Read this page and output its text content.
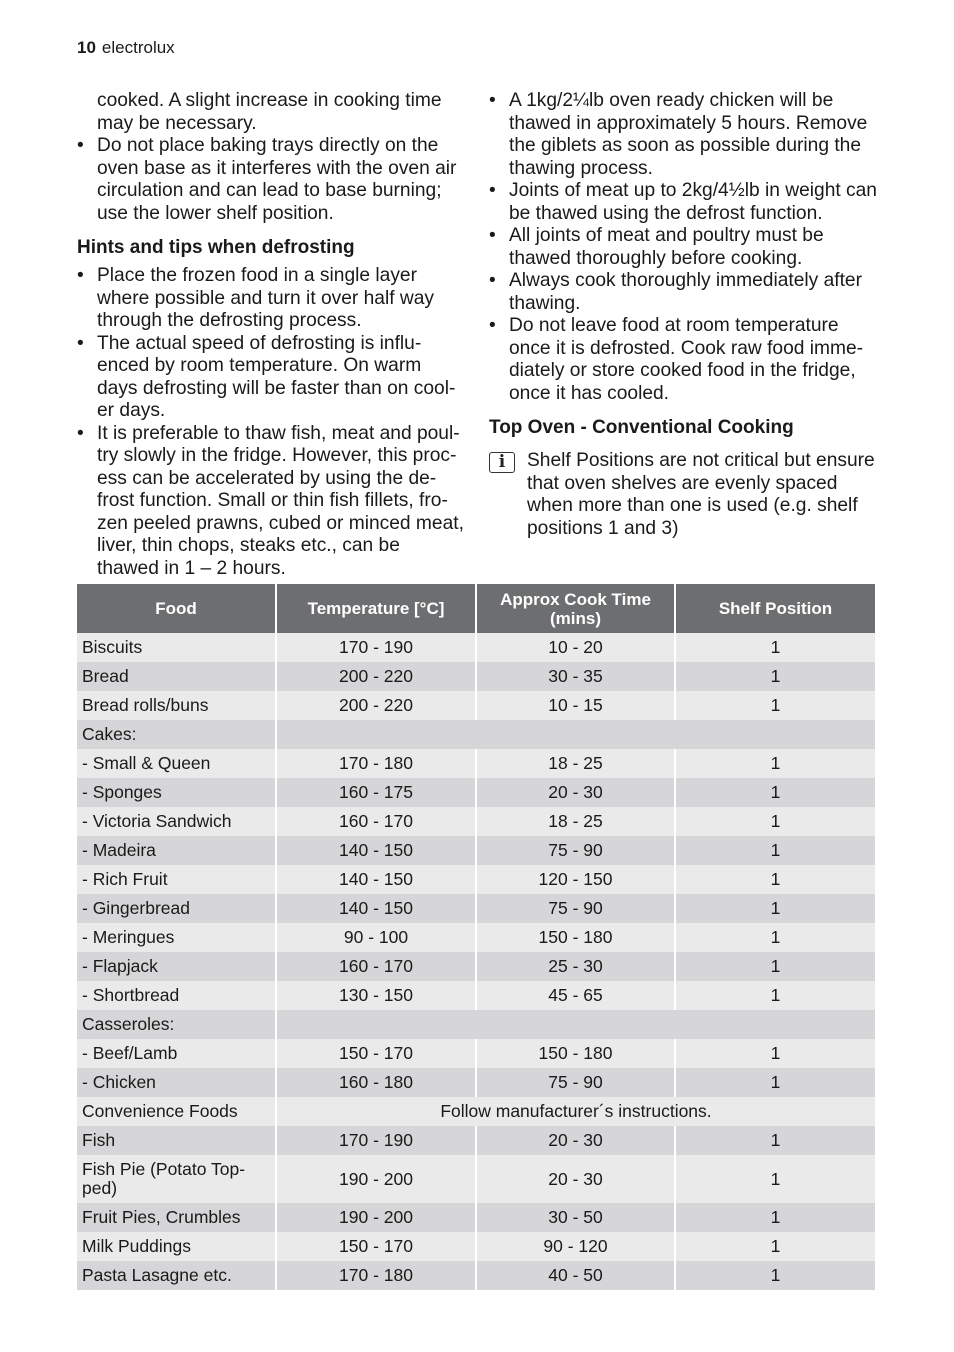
10 electrolux

cooked. A slight increase in cooking time may be necessary.

• Do not place baking trays directly on the oven base as it interferes with the oven air circulation and can lead to base burning; use the lower shelf position.
Hints and tips when defrosting
• Place the frozen food in a single layer where possible and turn it over half way through the defrosting process.
• The actual speed of defrosting is influ-enced by room temperature. On warm days defrosting will be faster than on cool-er days.
• It is preferable to thaw fish, meat and poul-try slowly in the fridge. However, this proc-ess can be accelerated by using the de-frost function. Small or thin fish fillets, fro-zen peeled prawns, cubed or minced meat, liver, thin chops, steaks etc., can be thawed in 1 – 2 hours.
• A 1kg/2¼lb oven ready chicken will be thawed in approximately 5 hours. Remove the giblets as soon as possible during the thawing process.
• Joints of meat up to 2kg/4½lb in weight can be thawed using the defrost function.
• All joints of meat and poultry must be thawed thoroughly before cooking.
• Always cook thoroughly immediately after thawing.
• Do not leave food at room temperature once it is defrosted. Cook raw food imme-diately or store cooked food in the fridge, once it has cooled.
Top Oven - Conventional Cooking
i	Shelf Positions are not critical but ensure that oven shelves are evenly spaced when more than one is used (e.g. shelf positions 1 and 3)
Food	Temperature [°C]	Approx Cook Time (mins)	Shelf Position
Biscuits	170 - 190	10 - 20	1
Bread	200 - 220	30 - 35	1
Bread rolls/buns	200 - 220	10 - 15	1
Cakes:			
- Small & Queen	170 - 180	18 - 25	1
- Sponges	160 - 175	20 - 30	1
- Victoria Sandwich	160 - 170	18 - 25	1
- Madeira	140 - 150	75 - 90	1
- Rich Fruit	140 - 150	120 - 150	1
- Gingerbread	140 - 150	75 - 90	1
- Meringues	90 - 100	150 - 180	1
- Flapjack	160 - 170	25 - 30	1
- Shortbread	130 - 150	45 - 65	1
Casseroles:			
- Beef/Lamb	150 - 170	150 - 180	1
- Chicken	160 - 180	75 - 90	1
Convenience Foods	Follow manufacturer´s instructions.		
Fish	170 - 190	20 - 30	1
Fish Pie (Potato Top-ped)	190 - 200	20 - 30	1
Fruit Pies, Crumbles	190 - 200	30 - 50	1
Milk Puddings	150 - 170	90 - 120	1
Pasta Lasagne etc.	170 - 180	40 - 50	1
